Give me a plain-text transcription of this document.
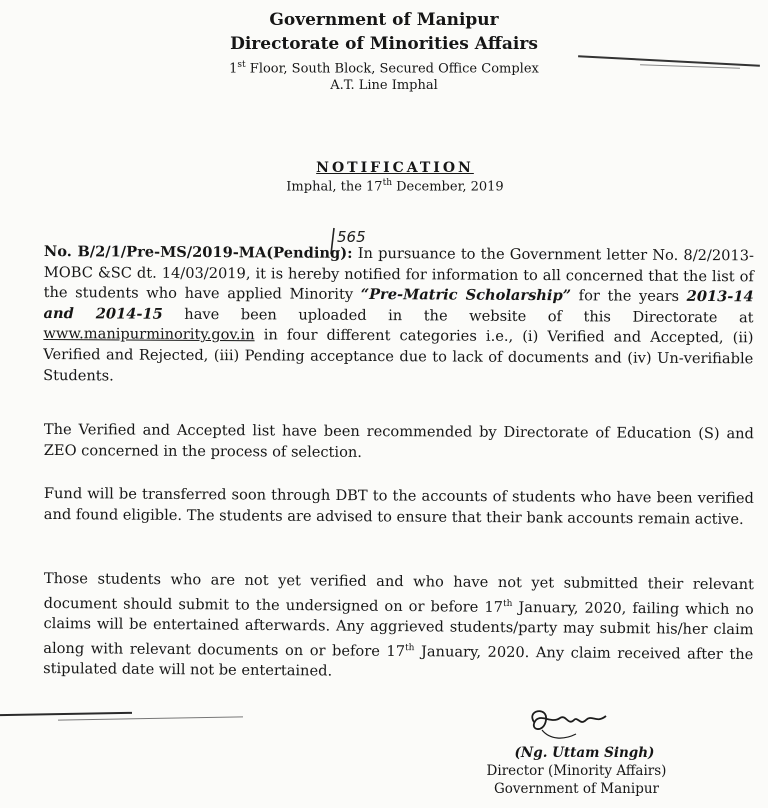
Government of Manipur
Directorate of Minorities Affairs
1st Floor, South Block, Secured Office Complex
A.T. Line Imphal
NOTIFICATION
Imphal, the 17th December, 2019
565

No. B/2/1/Pre-MS/2019-MA(Pending): In pursuance to the Government letter No. 8/2/2013-MOBC &SC dt. 14/03/2019, it is hereby notified for information to all concerned that the list of the students who have applied Minority “Pre-Matric Scholarship” for the years 2013-14 and 2014-15 have been uploaded in the website of this Directorate at www.manipurminority.gov.in in four different categories i.e., (i) Verified and Accepted, (ii) Verified and Rejected, (iii) Pending acceptance due to lack of documents and (iv) Un-verifiable Students.

The Verified and Accepted list have been recommended by Directorate of Education (S) and ZEO concerned in the process of selection.

Fund will be transferred soon through DBT to the accounts of students who have been verified and found eligible. The students are advised to ensure that their bank accounts remain active.

Those students who are not yet verified and who have not yet submitted their relevant document should submit to the undersigned on or before 17th January, 2020, failing which no claims will be entertained afterwards. Any aggrieved students/party may submit his/her claim along with relevant documents on or before 17th January, 2020. Any claim received after the stipulated date will not be entertained.

(Ng. Uttam Singh)
Director (Minority Affairs)
Government of Manipur
